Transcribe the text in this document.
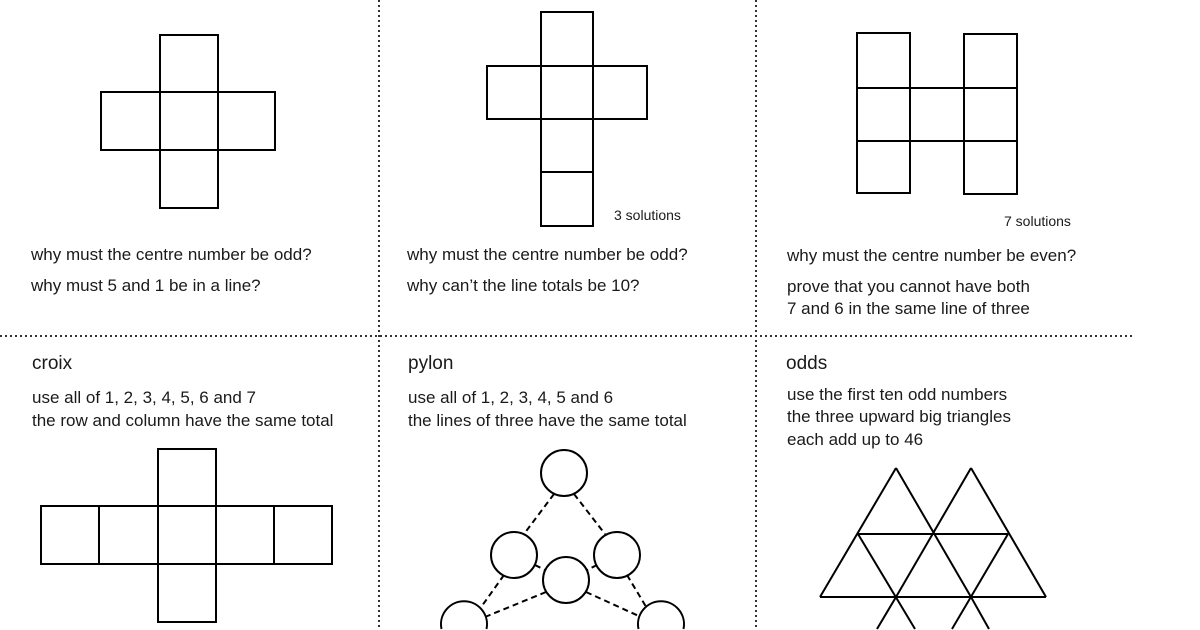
why must the centre number be odd?
why must 5 and 1 be in a line?
3 solutions
why must the centre number be odd?
why can’t the line totals be 10?
7 solutions
why must the centre number be even?
prove that you cannot have both
7 and 6 in the same line of three
croix
use all of 1, 2, 3, 4, 5, 6 and 7
the row and column have the same total
pylon
use all of 1, 2, 3, 4, 5 and 6
the lines of three have the same total
odds
use the first ten odd numbers
the three upward big triangles
each add up to 46
